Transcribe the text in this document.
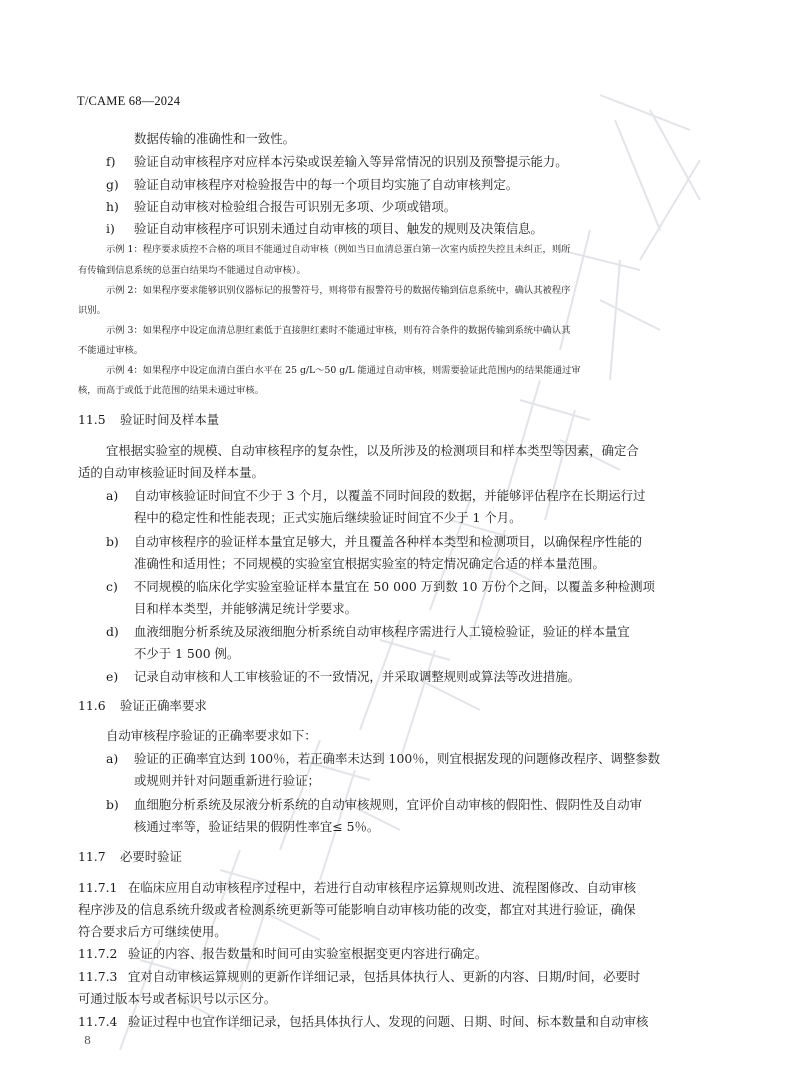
T/CAME 68—2024
数据传输的准确性和一致性。
f) 验证自动审核程序对应样本污染或误差输入等异常情况的识别及预警提示能力。
g) 验证自动审核程序对检验报告中的每一个项目均实施了自动审核判定。
h) 验证自动审核对检验组合报告可识别无多项、少项或错项。
i) 验证自动审核程序可识别未通过自动审核的项目、触发的规则及决策信息。
示例 1：程序要求质控不合格的项目不能通过自动审核（例如当日血清总蛋白第一次室内质控失控且未纠正，则所
有传输到信息系统的总蛋白结果均不能通过自动审核）。
示例 2：如果程序要求能够识别仪器标记的报警符号，则将带有报警符号的数据传输到信息系统中，确认其被程序
识别。
示例 3：如果程序中设定血清总胆红素低于直接胆红素时不能通过审核，则有符合条件的数据传输到系统中确认其
不能通过审核。
示例 4：如果程序中设定血清白蛋白水平在 25 g/L～50 g/L 能通过自动审核，则需要验证此范围内的结果能通过审
核，而高于或低于此范围的结果未通过审核。
11.5 验证时间及样本量
宜根据实验室的规模、自动审核程序的复杂性，以及所涉及的检测项目和样本类型等因素，确定合
适的自动审核验证时间及样本量。
a) 自动审核验证时间宜不少于 3 个月，以覆盖不同时间段的数据，并能够评估程序在长期运行过
程中的稳定性和性能表现；正式实施后继续验证时间宜不少于 1 个月。
b) 自动审核程序的验证样本量宜足够大，并且覆盖各种样本类型和检测项目，以确保程序性能的
准确性和适用性；不同规模的实验室宜根据实验室的特定情况确定合适的样本量范围。
c) 不同规模的临床化学实验室验证样本量宜在 50 000 万到数 10 万份个之间，以覆盖多种检测项
目和样本类型，并能够满足统计学要求。
d) 血液细胞分析系统及尿液细胞分析系统自动审核程序需进行人工镜检验证，验证的样本量宜
不少于 1 500 例。
e) 记录自动审核和人工审核验证的不一致情况，并采取调整规则或算法等改进措施。
11.6 验证正确率要求
自动审核程序验证的正确率要求如下：
a) 验证的正确率宜达到 100％，若正确率未达到 100％，则宜根据发现的问题修改程序、调整参数
或规则并针对问题重新进行验证；
b) 血细胞分析系统及尿液分析系统的自动审核规则，宜评价自动审核的假阳性、假阴性及自动审
核通过率等，验证结果的假阴性率宜≤ 5％。
11.7 必要时验证
11.7.1 在临床应用自动审核程序过程中，若进行自动审核程序运算规则改进、流程图修改、自动审核
程序涉及的信息系统升级或者检测系统更新等可能影响自动审核功能的改变，都宜对其进行验证，确保
符合要求后方可继续使用。
11.7.2 验证的内容、报告数量和时间可由实验室根据变更内容进行确定。
11.7.3 宜对自动审核运算规则的更新作详细记录，包括具体执行人、更新的内容、日期/时间，必要时
可通过版本号或者标识号以示区分。
11.7.4 验证过程中也宜作详细记录，包括具体执行人、发现的问题、日期、时间、标本数量和自动审核
8
